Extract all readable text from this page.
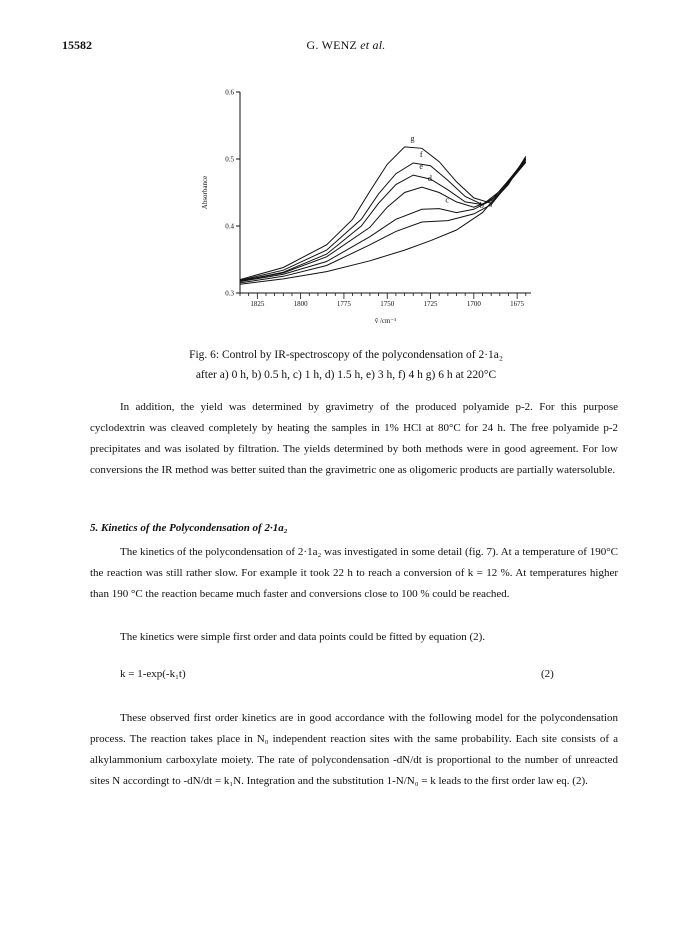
15582	G. WENZ et al.
0.3
0.4
0.5
0.6
1825	1800	1775	1750	1725	1700	1675
Absorbance
ṽ /cm⁻¹
a
b
c
d
e
f
g
Fig. 6: Control by IR-spectroscopy of the polycondensation of 2·1a₂
after a) 0 h, b) 0.5 h, c) 1 h, d) 1.5 h, e) 3 h, f) 4 h g) 6 h at 220°C
In addition, the yield was determined by gravimetry of the produced polyamide p-2. For this purpose cyclodextrin was cleaved completely by heating the samples in 1% HCl at 80°C for 24 h. The free polyamide p-2 precipitates and was isolated by filtration. The yields determined by both methods were in good agreement. For low conversions the IR method was better suited than the gravimetric one as oligomeric products are partially watersoluble.
5. Kinetics of the Polycondensation of 2·1a₂
The kinetics of the polycondensation of 2·1a₂ was investigated in some detail (fig. 7). At a temperature of 190°C the reaction was still rather slow. For example it took 22 h to reach a conversion of k = 12 %. At temperatures higher than 190 °C the reaction became much faster and conversions close to 100 % could be reached.
The kinetics were simple first order and data points could be fitted by equation (2).
k = 1-exp(-k₁t)	(2)
These observed first order kinetics are in good accordance with the following model for the polycondensation process. The reaction takes place in N₀ independent reaction sites with the same probability. Each site consists of a alkylammonium carboxylate moiety. The rate of polycondensation -dN/dt is proportional to the number of unreacted sites N accordingt to -dN/dt = k₁N. Integration and the substitution 1-N/N₀ = k leads to the first order law eq. (2).
